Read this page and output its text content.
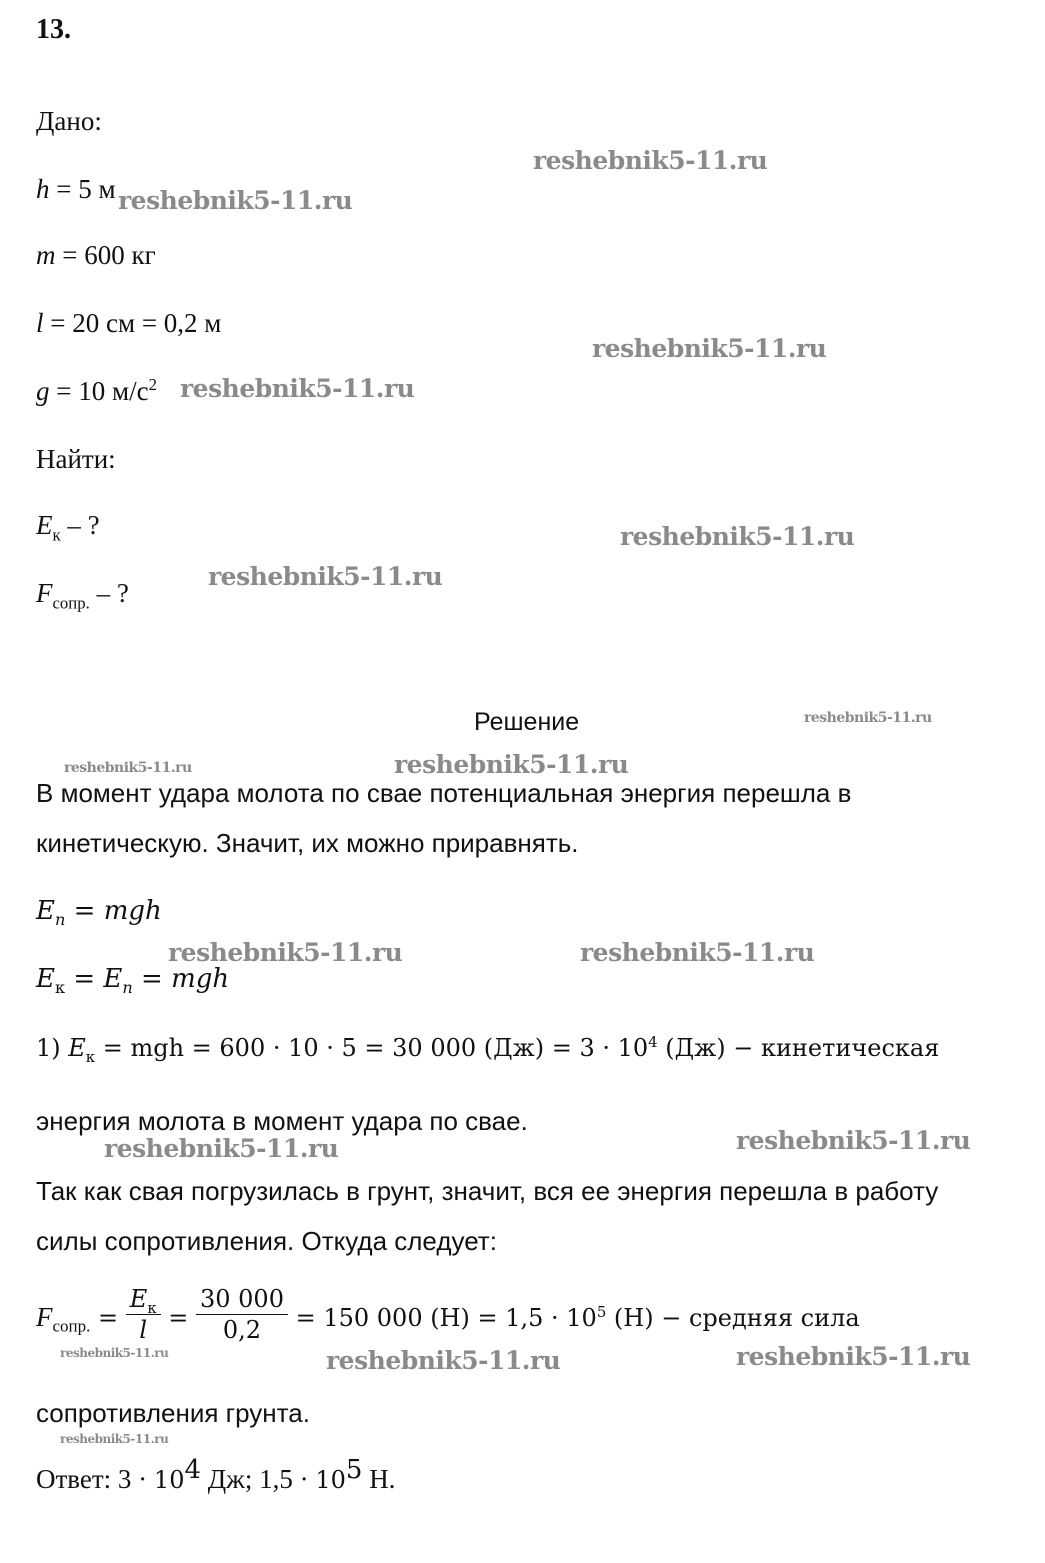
13.
Дано:
h = 5 м
m = 600 кг
l = 20 см = 0,2 м
g = 10 $м/с^2$
Найти:
$E_к$ – ?
$F_{сопр.}$ – ?
Решение
В момент удара молота по свае потенциальная энергия перешла в
кинетическую. Значит, их можно приравнять.
$E_n$ = mgh
$E_к = E_n$ = mgh
1) $E_к$ = mgh = 600 · 10 · 5 = 30 000 $(Дж) = 3 \cdot 10^4$ (Дж) − кинетическая
энергия молота в момент удара по свае.
Так как свая погрузилась в грунт, значит, вся ее энергия перешла в работу
силы сопротивления. Откуда следует:
$F_{сопр.} = \frac{E_к}{l} = \frac{30 000}{0,2} = 150$ 000 $(Н) = 1,5 \cdot 10^5$ (Н) − средняя сила
сопротивления грунта.
Ответ: $3 \cdot 10^4$ Дж; $1,5 \cdot 10^5$ Н.
reshebnik5-11.ru
reshebnik5-11.ru
reshebnik5-11.ru
reshebnik5-11.ru
reshebnik5-11.ru
reshebnik5-11.ru
reshebnik5-11.ru
reshebnik5-11.ru	reshebnik5-11.ru
reshebnik5-11.ru	reshebnik5-11.ru
reshebnik5-11.ru	reshebnik5-11.ru
reshebnik5-11.ru	reshebnik5-11.ru	reshebnik5-11.ru
reshebnik5-11.ru
